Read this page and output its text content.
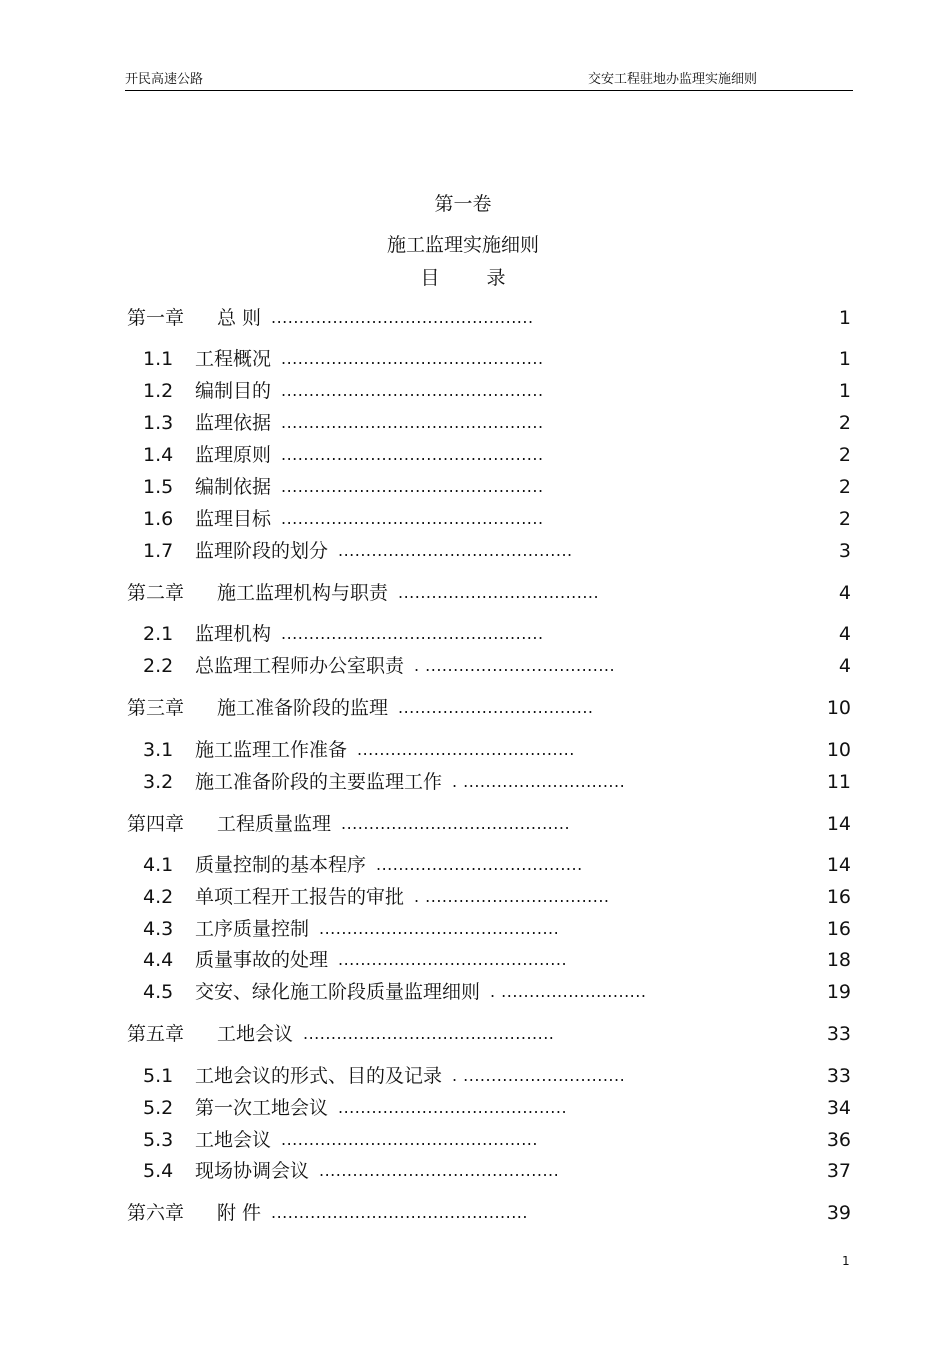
开民高速公路	交安工程驻地办监理实施细则
第一卷
施工监理实施细则
目 录
第一章 总 则 ...............................................	1
1.1 工程概况 ...............................................	1
1.2 编制目的 ...............................................	1
1.3 监理依据 ...............................................	2
1.4 监理原则 ...............................................	2
1.5 编制依据 ...............................................	2
1.6 监理目标 ...............................................	2
1.7 监理阶段的划分 ..........................................	3
第二章 施工监理机构与职责 ....................................	4
2.1 监理机构 ...............................................	4
2.2 总监理工程师办公室职责 . ..................................	4
第三章 施工准备阶段的监理 ...................................	10
3.1 施工监理工作准备 .......................................	10
3.2 施工准备阶段的主要监理工作 . .............................	11
第四章 工程质量监理 .........................................	14
4.1 质量控制的基本程序 .....................................	14
4.2 单项工程开工报告的审批 . .................................	16
4.3 工序质量控制 ...........................................	16
4.4 质量事故的处理 .........................................	18
4.5 交安、绿化施工阶段质量监理细则 . ..........................	19
第五章 工地会议 .............................................	33
5.1 工地会议的形式、目的及记录 . .............................	33
5.2 第一次工地会议 .........................................	34
5.3 工地会议 ..............................................	36
5.4 现场协调会议 ...........................................	37
第六章 附 件 ..............................................	39
1
